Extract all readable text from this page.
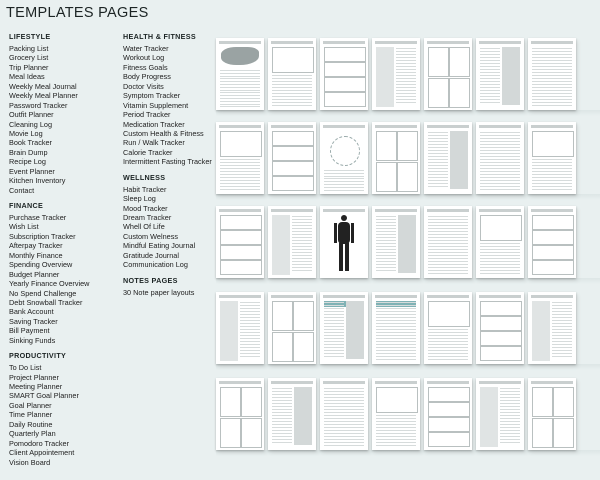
TEMPLATES PAGES
LIFESTYLE
Packing List
Grocery List
Trip Planner
Meal Ideas
Weekly Meal Journal
Weekly Meal Planner
Password Tracker
Outfit Planner
Cleaning Log
Movie Log
Book Tracker
Brain Dump
Recipe Log
Event Planner
Kitchen Inventory
Contact
FINANCE
Purchase Tracker
Wish List
Subscription Tracker
Afterpay Tracker
Monthly Finance
Spending Overview
Budget Planner
Yearly Finance Overview
No Spend Challenge
Debt Snowball Tracker
Bank Account
Saving Tracker
Bill Payment
Sinking Funds
PRODUCTIVITY
To Do List
Project Planner
Meeting Planner
SMART Goal Planner
Goal Planner
Time Planner
Daily Routine
Quarterly Plan
Pomodoro Tracker
Client Appointement
Vision Board
HEALTH & FITNESS
Water Tracker
Workout Log
Fitness Goals
Body Progress
Doctor Visits
Symptom Tracker
Vitamin Supplement
Period Tracker
Medication Tracker
Custom Health & Fitness
Run / Walk Tracker
Calorie Tracker
Intermittent Fasting Tracker
WELLNESS
Habit Tracker
Sleep Log
Mood Tracker
Dream Tracker
Whell Of Life
Custom Welness
Mindful Eating Journal
Gratitude Journal
Communication Log
NOTES PAGES
30 Note paper layouts
